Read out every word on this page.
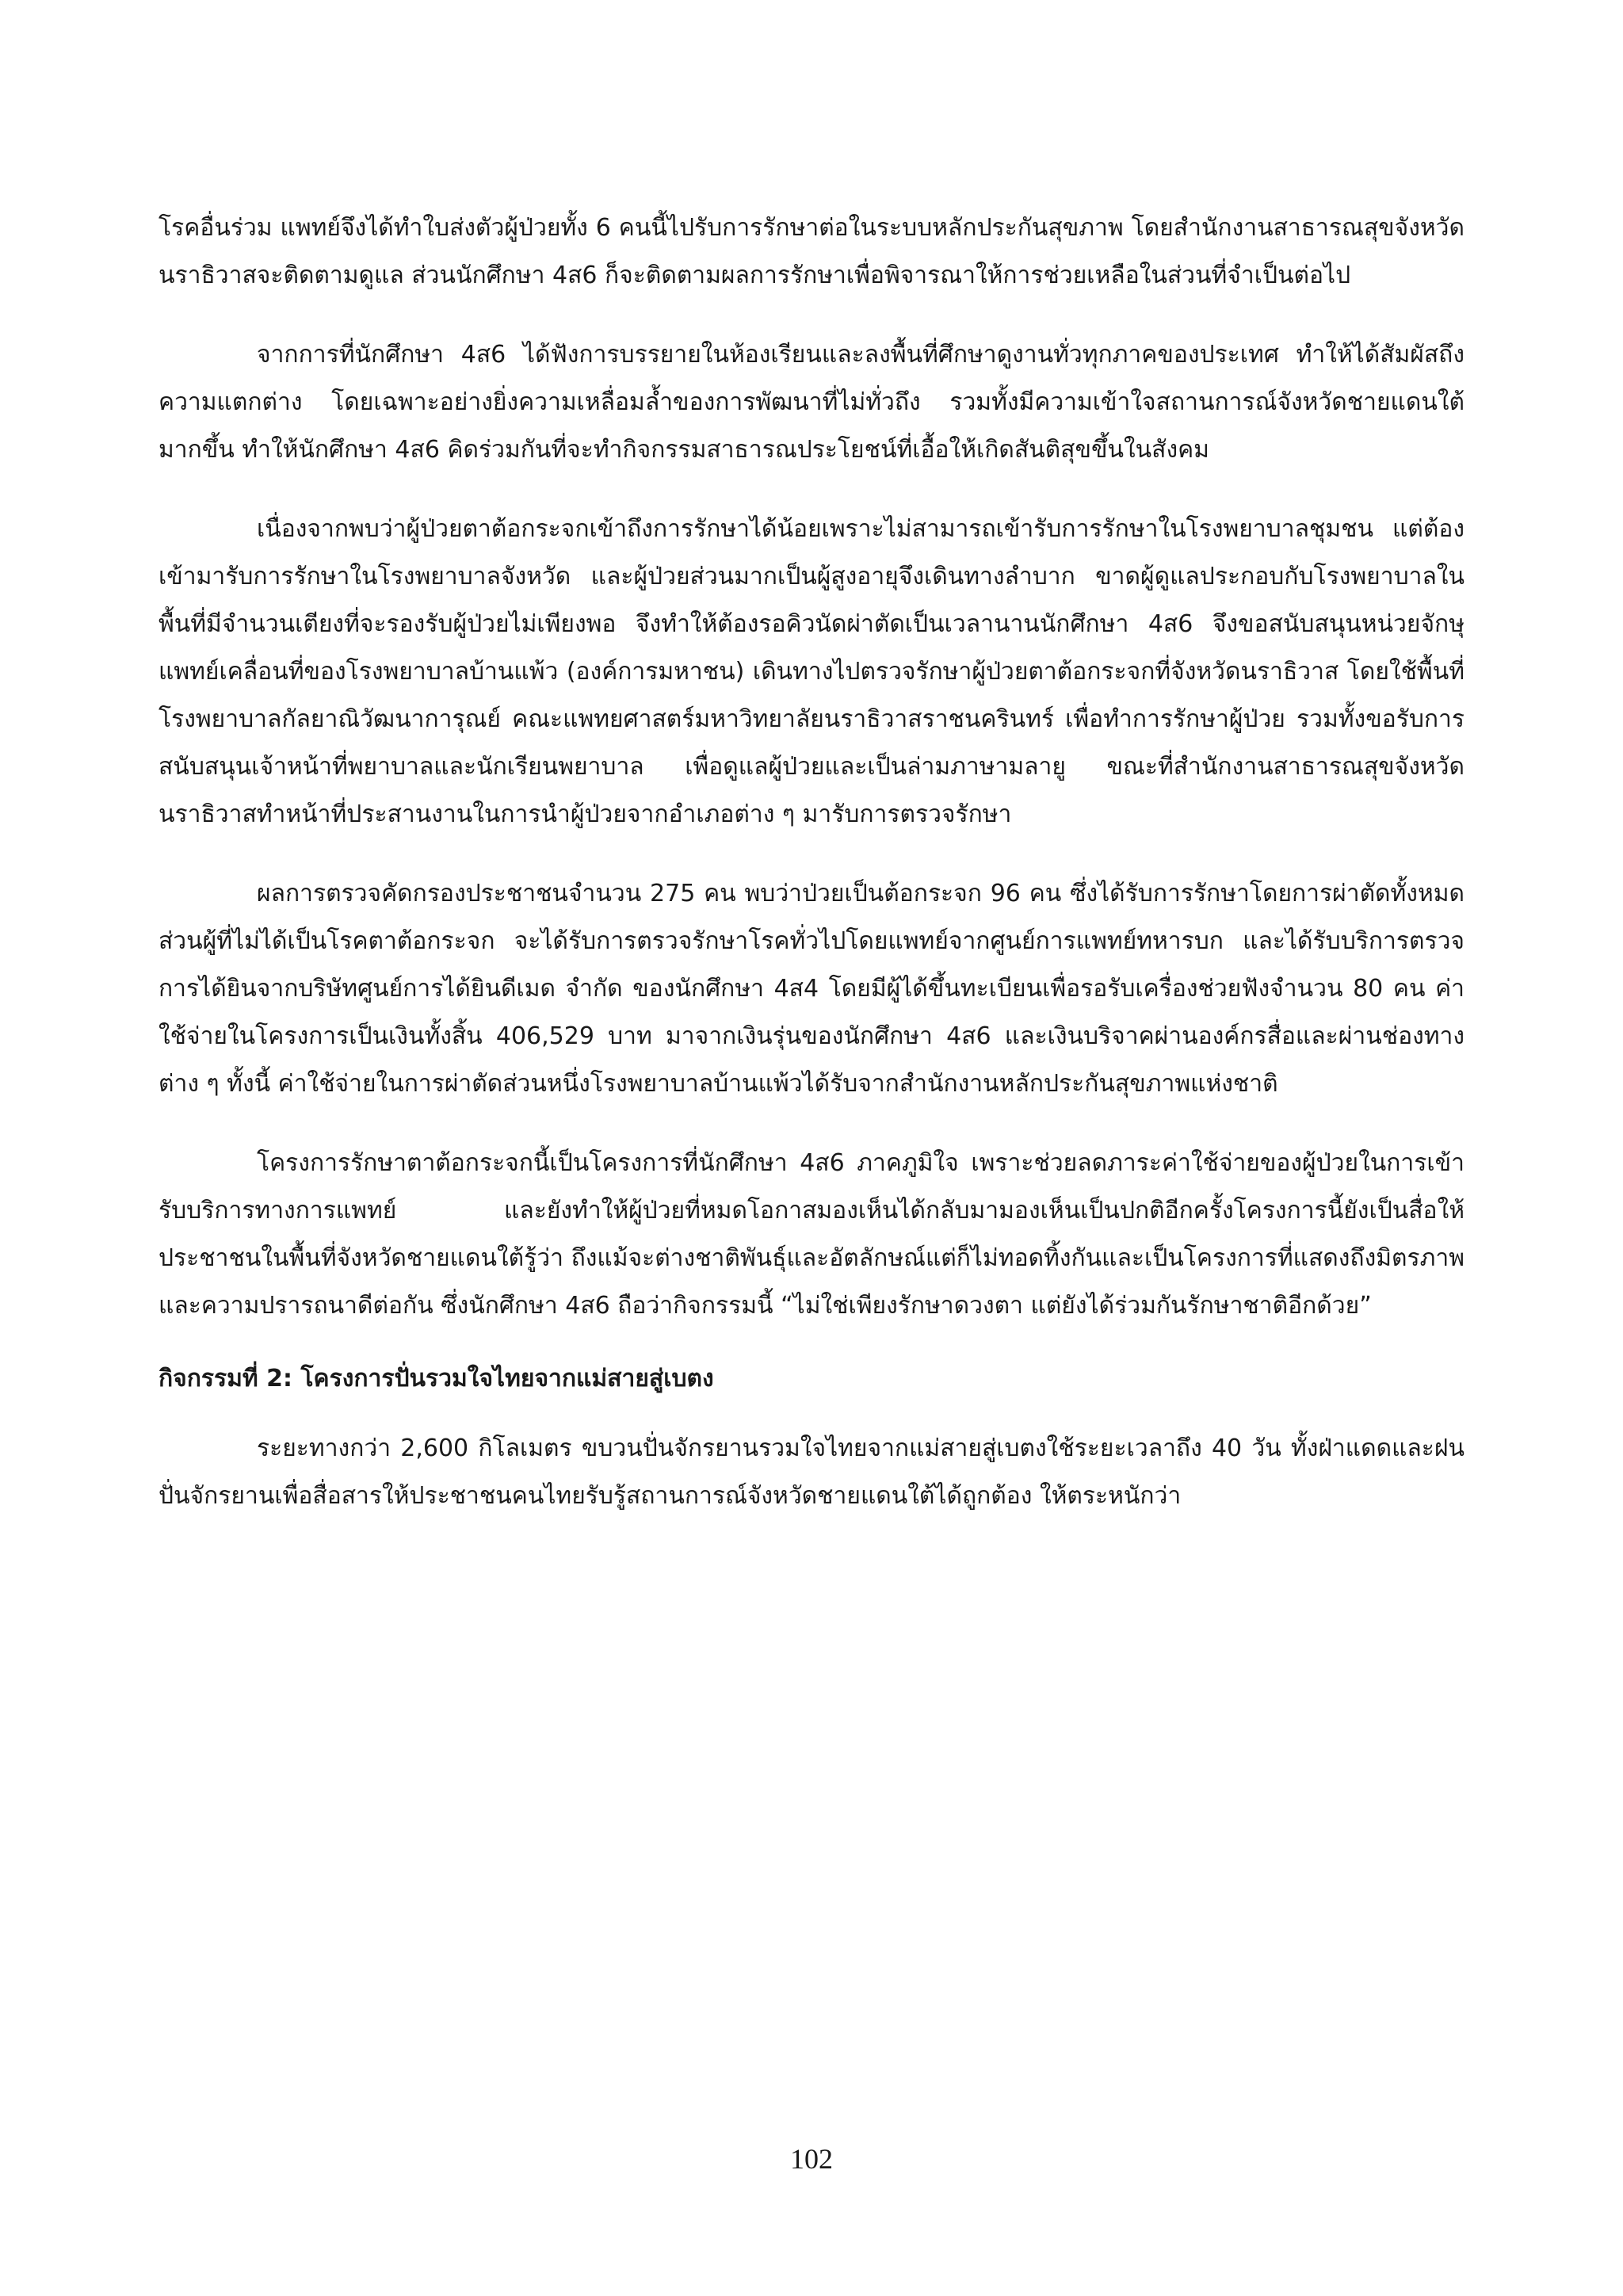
โรคอื่นร่วม แพทย์จึงได้ทำใบส่งตัวผู้ป่วยทั้ง 6 คนนี้ไปรับการรักษาต่อในระบบหลักประกันสุขภาพ โดยสำนักงานสาธารณสุขจังหวัดนราธิวาสจะติดตามดูแล ส่วนนักศึกษา 4ส6 ก็จะติดตามผลการรักษาเพื่อพิจารณาให้การช่วยเหลือในส่วนที่จำเป็นต่อไป

จากการที่นักศึกษา 4ส6 ได้ฟังการบรรยายในห้องเรียนและลงพื้นที่ศึกษาดูงานทั่วทุกภาคของประเทศ ทำให้ได้สัมผัสถึงความแตกต่าง โดยเฉพาะอย่างยิ่งความเหลื่อมล้ำของการพัฒนาที่ไม่ทั่วถึง รวมทั้งมีความเข้าใจสถานการณ์จังหวัดชายแดนใต้มากขึ้น ทำให้นักศึกษา 4ส6 คิดร่วมกันที่จะทำกิจกรรมสาธารณประโยชน์ที่เอื้อให้เกิดสันติสุขขึ้นในสังคม

เนื่องจากพบว่าผู้ป่วยตาต้อกระจกเข้าถึงการรักษาได้น้อยเพราะไม่สามารถเข้ารับการรักษาในโรงพยาบาลชุมชน แต่ต้องเข้ามารับการรักษาในโรงพยาบาลจังหวัด และผู้ป่วยส่วนมากเป็นผู้สูงอายุจึงเดินทางลำบาก ขาดผู้ดูแลประกอบกับโรงพยาบาลในพื้นที่มีจำนวนเตียงที่จะรองรับผู้ป่วยไม่เพียงพอ จึงทำให้ต้องรอคิวนัดผ่าตัดเป็นเวลานานนักศึกษา 4ส6 จึงขอสนับสนุนหน่วยจักษุแพทย์เคลื่อนที่ของโรงพยาบาลบ้านแพ้ว (องค์การมหาชน) เดินทางไปตรวจรักษาผู้ป่วยตาต้อกระจกที่จังหวัดนราธิวาส โดยใช้พื้นที่โรงพยาบาลกัลยาณิวัฒนาการุณย์ คณะแพทยศาสตร์มหาวิทยาลัยนราธิวาสราชนครินทร์ เพื่อทำการรักษาผู้ป่วย รวมทั้งขอรับการสนับสนุนเจ้าหน้าที่พยาบาลและนักเรียนพยาบาล เพื่อดูแลผู้ป่วยและเป็นล่ามภาษามลายู ขณะที่สำนักงานสาธารณสุขจังหวัดนราธิวาสทำหน้าที่ประสานงานในการนำผู้ป่วยจากอำเภอต่าง ๆ มารับการตรวจรักษา

ผลการตรวจคัดกรองประชาชนจำนวน 275 คน พบว่าป่วยเป็นต้อกระจก 96 คน ซึ่งได้รับการรักษาโดยการผ่าตัดทั้งหมด ส่วนผู้ที่ไม่ได้เป็นโรคตาต้อกระจก จะได้รับการตรวจรักษาโรคทั่วไปโดยแพทย์จากศูนย์การแพทย์ทหารบก และได้รับบริการตรวจการได้ยินจากบริษัทศูนย์การได้ยินดีเมด จำกัด ของนักศึกษา 4ส4 โดยมีผู้ได้ขึ้นทะเบียนเพื่อรอรับเครื่องช่วยฟังจำนวน 80 คน ค่าใช้จ่ายในโครงการเป็นเงินทั้งสิ้น 406,529 บาท มาจากเงินรุ่นของนักศึกษา 4ส6 และเงินบริจาคผ่านองค์กรสื่อและผ่านช่องทางต่าง ๆ ทั้งนี้ ค่าใช้จ่ายในการผ่าตัดส่วนหนึ่งโรงพยาบาลบ้านแพ้วได้รับจากสำนักงานหลักประกันสุขภาพแห่งชาติ

โครงการรักษาตาต้อกระจกนี้เป็นโครงการที่นักศึกษา 4ส6 ภาคภูมิใจ เพราะช่วยลดภาระค่าใช้จ่ายของผู้ป่วยในการเข้ารับบริการทางการแพทย์ และยังทำให้ผู้ป่วยที่หมดโอกาสมองเห็นได้กลับมามองเห็นเป็นปกติอีกครั้งโครงการนี้ยังเป็นสื่อให้ประชาชนในพื้นที่จังหวัดชายแดนใต้รู้ว่า ถึงแม้จะต่างชาติพันธุ์และอัตลักษณ์แต่ก็ไม่ทอดทิ้งกันและเป็นโครงการที่แสดงถึงมิตรภาพและความปรารถนาดีต่อกัน ซึ่งนักศึกษา 4ส6 ถือว่ากิจกรรมนี้ “ไม่ใช่เพียงรักษาดวงตา แต่ยังได้ร่วมกันรักษาชาติอีกด้วย”

กิจกรรมที่ 2: โครงการปั่นรวมใจไทยจากแม่สายสู่เบตง

ระยะทางกว่า 2,600 กิโลเมตร ขบวนปั่นจักรยานรวมใจไทยจากแม่สายสู่เบตงใช้ระยะเวลาถึง 40 วัน ทั้งฝ่าแดดและฝนปั่นจักรยานเพื่อสื่อสารให้ประชาชนคนไทยรับรู้สถานการณ์จังหวัดชายแดนใต้ได้ถูกต้อง ให้ตระหนักว่า

102
